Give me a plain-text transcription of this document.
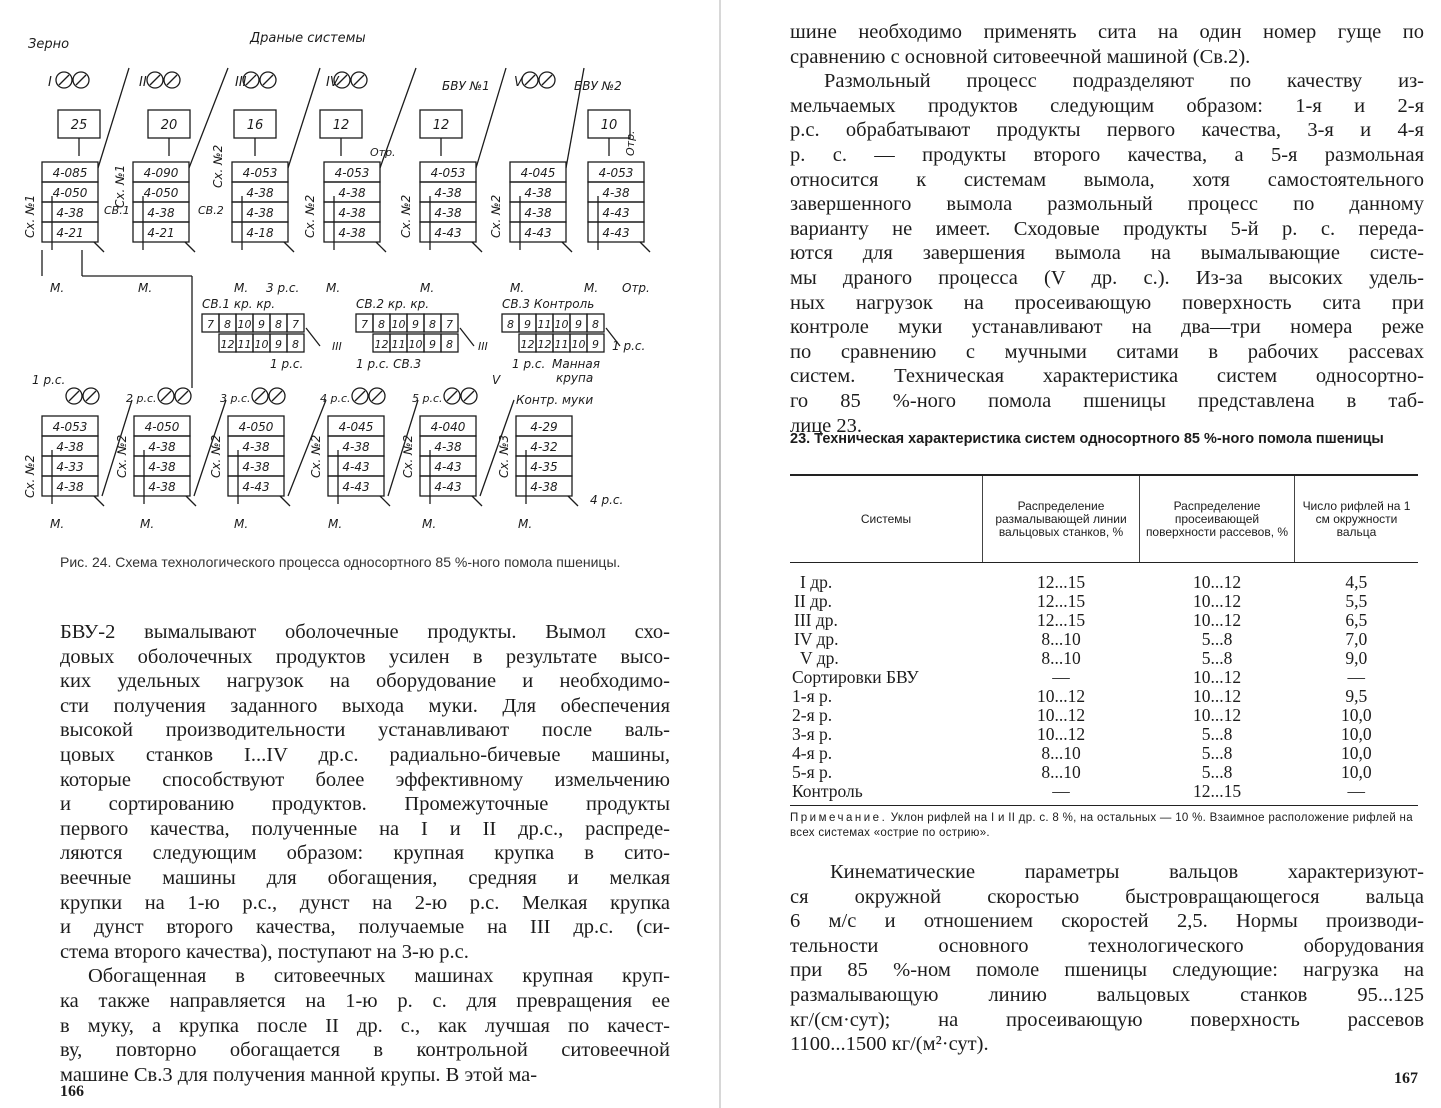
Зерно	Драные системы
I	II	III	IV	V
БВУ №1	БВУ №2
25	20	16	12	12	10
Отр.	Отр.
4-085
4-050
4-38
4-21
4-090
4-050
4-38
4-21
4-053
4-38
4-38
4-18
4-053
4-38
4-38
4-38
4-053
4-38
4-38
4-43
4-045
4-38
4-38
4-43
4-053
4-38
4-43
4-43
Сх. №1
Сх. №1	Сх. №2
Сх. №2	Сх. №2	Сх. №2
СВ.1	СВ.2
М.	М.	М.	М.	М.	М.	М.
3 р.с.	Отр.
СВ.1 кр. кр.	СВ.2 кр. кр.	СВ.3 Контроль
7 8 10 9 8 7
12 11 10 9 8
7 8 10 9 8 7
12 11 10 9 8
8 9 11 10 9 8
12 12 11 10 9
1 р.с.
III
1 р.с. СВ.3
III
1 р.с. Манная
крупа
1 р.с.
1 р.с.
2 р.с.	3 р.с.	4 р.с.	5 р.с.
V
Контр. муки
4-053
4-38
4-33
4-38
4-050
4-38
4-38
4-38
4-050
4-38
4-38
4-43
4-045
4-38
4-43
4-43
4-040
4-38
4-43
4-43
4-29
4-32
4-35
4-38
Сх. №2	Сх. №2	Сх. №2	Сх. №2	Сх. №2	Сх. №3
М.	М.	М.	М.	М.	М.
4 р.с.
Рис. 24. Схема технологического процесса односортного 85 %-ного помола пшеницы.
БВУ-2 вымалывают оболочечные продукты. Вымол схо-
довых оболочечных продуктов усилен в результате высо-
ких удельных нагрузок на оборудование и необходимо-
сти получения заданного выхода муки. Для обеспечения
высокой производительности устанавливают после валь-
цовых станков I...IV др.с. радиально-бичевые машины,
которые способствуют более эффективному измельчению
и сортированию продуктов. Промежуточные продукты
первого качества, полученные на I и II др.с., распреде-
ляются следующим образом: крупная крупка в сито-
веечные машины для обогащения, средняя и мелкая
крупки на 1-ю р.с., дунст на 2-ю р.с. Мелкая крупка
и дунст второго качества, получаемые на III др.с. (си-
стема второго качества), поступают на 3-ю р.с.
Обогащенная в ситовеечных машинах крупная круп-
ка также направляется на 1-ю р. с. для превращения ее
в муку, а крупка после II др. с., как лучшая по качест-
ву, повторно обогащается в контрольной ситовеечной
машине Св.3 для получения манной крупы. В этой ма-
166
шине необходимо применять сита на один номер гуще по
сравнению с основной ситовеечной машиной (Св.2).
Размольный процесс подразделяют по качеству из-
мельчаемых продуктов следующим образом: 1-я и 2-я
р.с. обрабатывают продукты первого качества, 3-я и 4-я
р. с. — продукты второго качества, а 5-я размольная
относится к системам вымола, хотя самостоятельного
завершенного вымола размольный процесс по данному
варианту не имеет. Сходовые продукты 5-й р. с. переда-
ются для завершения вымола на вымалывающие систе-
мы драного процесса (V др. с.). Из-за высоких удель-
ных нагрузок на просеивающую поверхность сита при
контроле муки устанавливают на два—три номера реже
по сравнению с мучными ситами в рабочих рассевах
систем. Техническая характеристика систем односортно-
го 85 %-ного помола пшеницы представлена в таб-
лице 23.
23. Техническая характеристика систем односортного 85 %-ного помола пшеницы
Системы	Распределение размалывающей линии вальцовых станков, %	Распределение просеивающей поверхности рассевов, %	Число рифлей на 1 см окружности вальца
I др.	12...15	10...12	4,5
II др.	12...15	10...12	5,5
III др.	12...15	10...12	6,5
IV др.	8...10	5...8	7,0
V др.	8...10	5...8	9,0
Сортировки БВУ	—	10...12	—
1-я р.	10...12	10...12	9,5
2-я р.	10...12	10...12	10,0
3-я р.	10...12	5...8	10,0
4-я р.	8...10	5...8	10,0
5-я р.	8...10	5...8	10,0
Контроль	—	12...15	—
Примечание. Уклон рифлей на I и II др. с. 8 %, на остальных — 10 %. Взаимное расположение рифлей на всех системах «острие по острию».
Кинематические параметры вальцов характеризуют-
ся окружной скоростью быстровращающегося вальца
6 м/с и отношением скоростей 2,5. Нормы производи-
тельности основного технологического оборудования
при 85 %-ном помоле пшеницы следующие: нагрузка на
размалывающую линию вальцовых станков 95...125
кг/(см·сут); на просеивающую поверхность рассевов
1100...1500 кг/(м²·сут).
167
